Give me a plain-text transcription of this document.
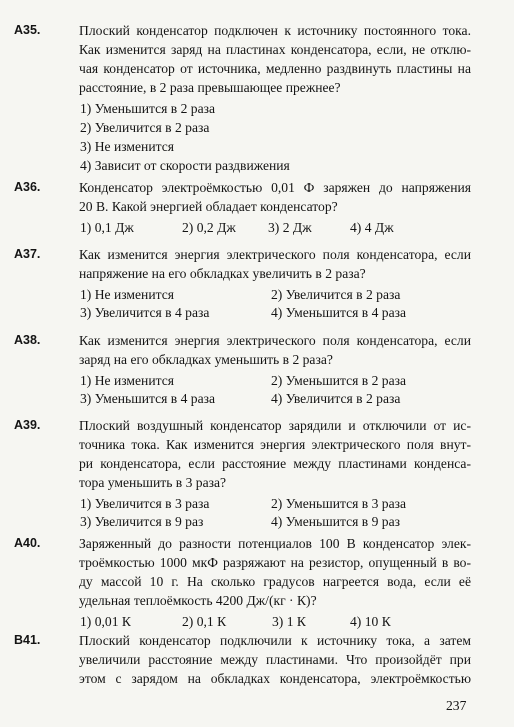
А35.	Плоский конденсатор подключен к источнику постоянного тока.
Как изменится заряд на пластинах конденсатора, если, не отклю-
чая конденсатор от источника, медленно раздвинуть пластины на
расстояние, в 2 раза превышающее прежнее?
1) Уменьшится в 2 раза
2) Увеличится в 2 раза
3) Не изменится
4) Зависит от скорости раздвижения
А36.	Конденсатор электроёмкостью 0,01 Ф заряжен до напряжения
20 В. Какой энергией обладает конденсатор?
1) 0,1 Дж	2) 0,2 Дж 3) 2 Дж	4) 4 Дж
А37.	Как изменится энергия электрического поля конденсатора, если
напряжение на его обкладках увеличить в 2 раза?
1) Не изменится	2) Увеличится в 2 раза
3) Увеличится в 4 раза	4) Уменьшится в 4 раза
А38.	Как изменится энергия электрического поля конденсатора, если
заряд на его обкладках уменьшить в 2 раза?
1) Не изменится	2) Уменьшится в 2 раза
3) Уменьшится в 4 раза	4) Увеличится в 2 раза
А39.	Плоский воздушный конденсатор зарядили и отключили от ис-
точника тока. Как изменится энергия электрического поля внут-
ри конденсатора, если расстояние между пластинами конденса-
тора уменьшить в 3 раза?
1) Увеличится в 3 раза	2) Уменьшится в 3 раза
3) Увеличится в 9 раз	4) Уменьшится в 9 раз
А40.	Заряженный до разности потенциалов 100 В конденсатор элек-
троёмкостью 1000 мкФ разряжают на резистор, опущенный в во-
ду массой 10 г. На сколько градусов нагреется вода, если её
удельная теплоёмкость 4200 Дж/(кг · К)?
1) 0,01 К	2) 0,1 К	3) 1 К	4) 10 К
В41.	Плоский конденсатор подключили к источнику тока, а затем
увеличили расстояние между пластинами. Что произойдёт при
этом с зарядом на обкладках конденсатора, электроёмкостью
237
